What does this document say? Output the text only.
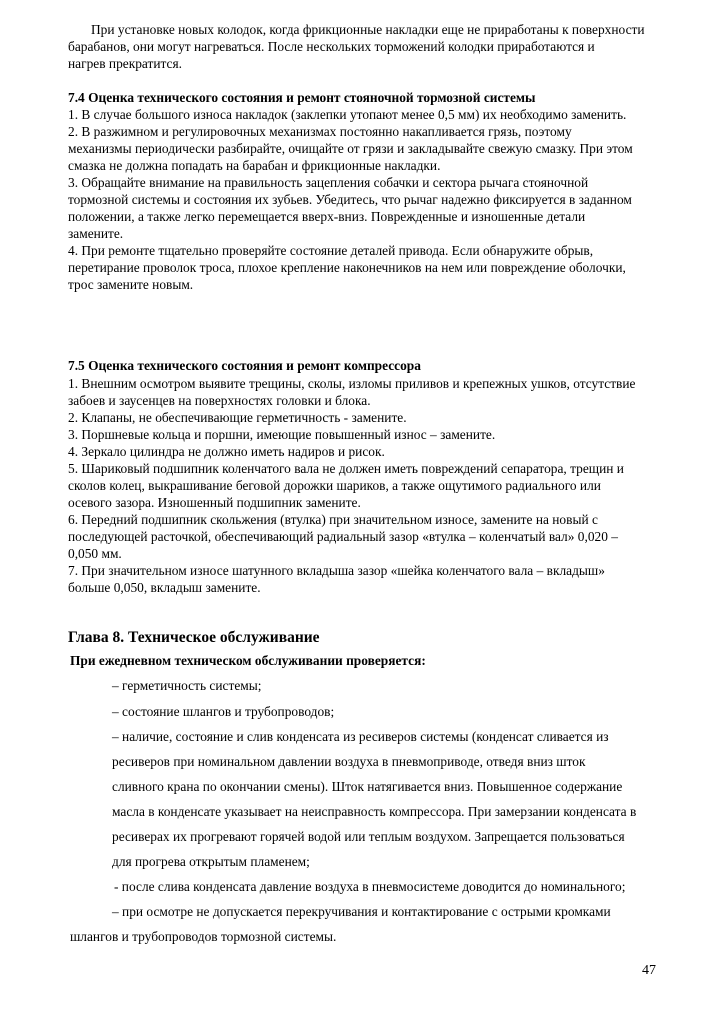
При установке новых колодок, когда фрикционные накладки еще не приработаны к поверхности
барабанов, они могут нагреваться. После нескольких торможений колодки приработаются и
нагрев прекратится.
7.4 Оценка технического состояния и ремонт стояночной тормозной системы
1. В случае большого износа накладок (заклепки утопают менее 0,5 мм) их необходимо заменить.
2. В разжимном и регулировочных механизмах постоянно накапливается грязь, поэтому
механизмы периодически разбирайте, очищайте от грязи и закладывайте свежую смазку. При этом
смазка не должна попадать на барабан и фрикционные накладки.
3. Обращайте внимание на правильность зацепления собачки и сектора рычага стояночной
тормозной системы и состояния их зубьев. Убедитесь, что рычаг надежно фиксируется в заданном
положении, а также легко перемещается вверх-вниз. Поврежденные и изношенные детали
замените.
4. При ремонте тщательно проверяйте состояние деталей привода. Если обнаружите обрыв,
перетирание проволок троса, плохое крепление наконечников на нем или повреждение оболочки,
трос замените новым.
7.5 Оценка технического состояния и ремонт компрессора
1. Внешним осмотром выявите трещины, сколы, изломы приливов и крепежных ушков, отсутствие
забоев и заусенцев на поверхностях головки и блока.
2. Клапаны, не обеспечивающие герметичность - замените.
3. Поршневые кольца и поршни, имеющие повышенный износ – замените.
4. Зеркало цилиндра не должно иметь надиров и рисок.
5. Шариковый подшипник коленчатого вала не должен иметь повреждений сепаратора, трещин и
сколов колец, выкрашивание беговой дорожки шариков, а также ощутимого радиального или
осевого зазора. Изношенный подшипник замените.
6. Передний подшипник скольжения (втулка) при значительном износе, замените на новый с
последующей расточкой, обеспечивающий радиальный зазор «втулка – коленчатый вал» 0,020 –
0,050 мм.
7. При значительном износе шатунного вкладыша зазор «шейка коленчатого вала – вкладыш»
больше 0,050, вкладыш замените.
Глава 8. Техническое обслуживание
При ежедневном техническом обслуживании проверяется:
– герметичность системы;
– состояние шлангов и трубопроводов;
– наличие, состояние и слив конденсата из ресиверов системы (конденсат сливается из
ресиверов при номинальном давлении воздуха в пневмоприводе, отведя вниз шток
сливного крана по окончании смены). Шток натягивается вниз. Повышенное содержание
масла в конденсате указывает на неисправность компрессора. При замерзании конденсата в
ресиверах их прогревают горячей водой или теплым воздухом. Запрещается пользоваться
для прогрева открытым пламенем;
- после слива конденсата давление воздуха в пневмосистеме доводится до номинального;
– при осмотре не допускается перекручивания и контактирование с острыми кромками
шлангов и трубопроводов тормозной системы.
47
